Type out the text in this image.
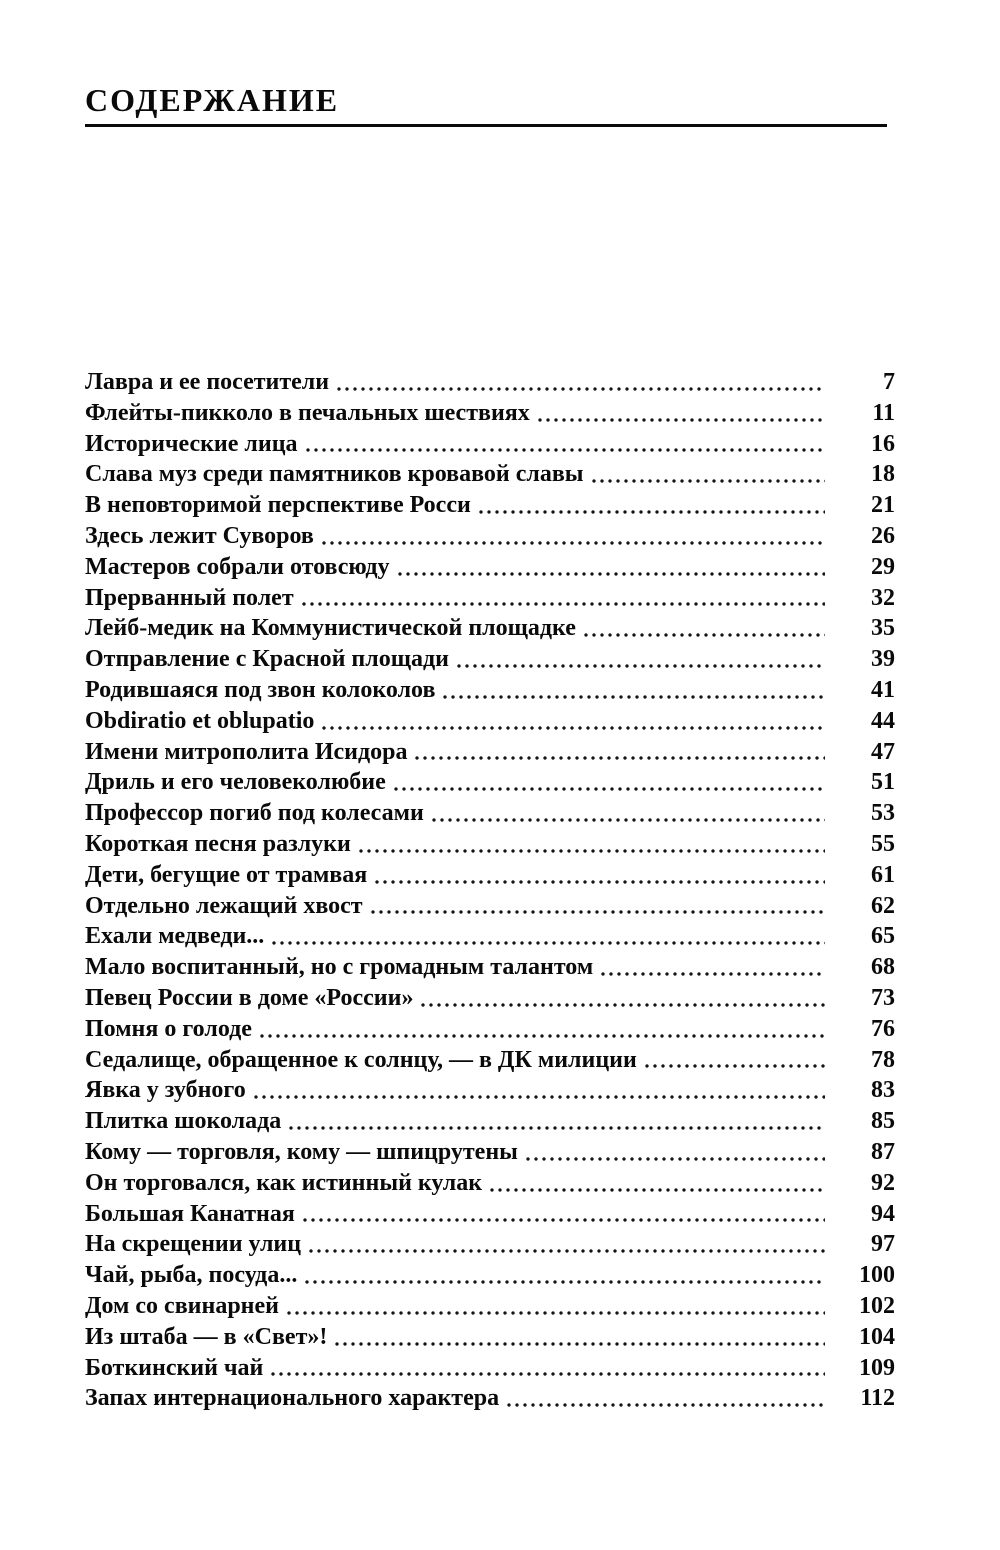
СОДЕРЖАНИЕ
Лавра и ее посетители	7
Флейты-пикколо в печальных шествиях	11
Исторические лица	16
Слава муз среди памятников кровавой славы	18
В неповторимой перспективе Росси	21
Здесь лежит Суворов	26
Мастеров собрали отовсюду	29
Прерванный полет	32
Лейб-медик на Коммунистической площадке	35
Отправление с Красной площади	39
Родившаяся под звон колоколов	41
Obdiratio et oblupatio	44
Имени митрополита Исидора	47
Дриль и его человеколюбие	51
Профессор погиб под колесами	53
Короткая песня разлуки	55
Дети, бегущие от трамвая	61
Отдельно лежащий хвост	62
Ехали медведи...	65
Мало воспитанный, но с громадным талантом	68
Певец России в доме «России»	73
Помня о голоде	76
Седалище, обращенное к солнцу, — в ДК милиции	78
Явка у зубного	83
Плитка шоколада	85
Кому — торговля, кому — шпицрутены	87
Он торговался, как истинный кулак	92
Большая Канатная	94
На скрещении улиц	97
Чай, рыба, посуда...	100
Дом со свинарней	102
Из штаба — в «Свет»!	104
Боткинский чай	109
Запах интернационального характера	112
